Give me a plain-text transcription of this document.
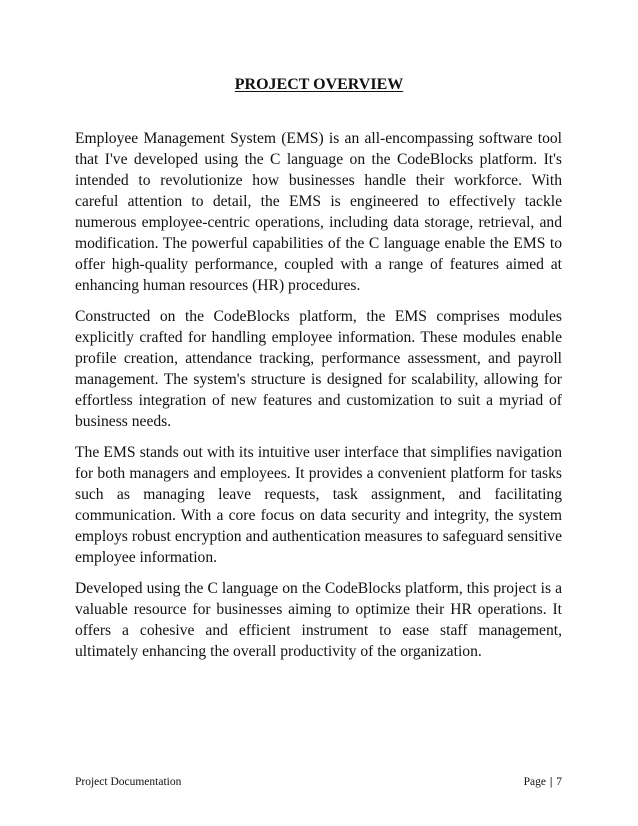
PROJECT OVERVIEW

Employee Management System (EMS) is an all-encompassing software tool that I've developed using the C language on the CodeBlocks platform. It's intended to revolutionize how businesses handle their workforce. With careful attention to detail, the EMS is engineered to effectively tackle numerous employee-centric operations, including data storage, retrieval, and modification. The powerful capabilities of the C language enable the EMS to offer high-quality performance, coupled with a range of features aimed at enhancing human resources (HR) procedures.

Constructed on the CodeBlocks platform, the EMS comprises modules explicitly crafted for handling employee information. These modules enable profile creation, attendance tracking, performance assessment, and payroll management. The system's structure is designed for scalability, allowing for effortless integration of new features and customization to suit a myriad of business needs.

The EMS stands out with its intuitive user interface that simplifies navigation for both managers and employees. It provides a convenient platform for tasks such as managing leave requests, task assignment, and facilitating communication. With a core focus on data security and integrity, the system employs robust encryption and authentication measures to safeguard sensitive employee information.

Developed using the C language on the CodeBlocks platform, this project is a valuable resource for businesses aiming to optimize their HR operations. It offers a cohesive and efficient instrument to ease staff management, ultimately enhancing the overall productivity of the organization.

Project Documentation	Page | 7
